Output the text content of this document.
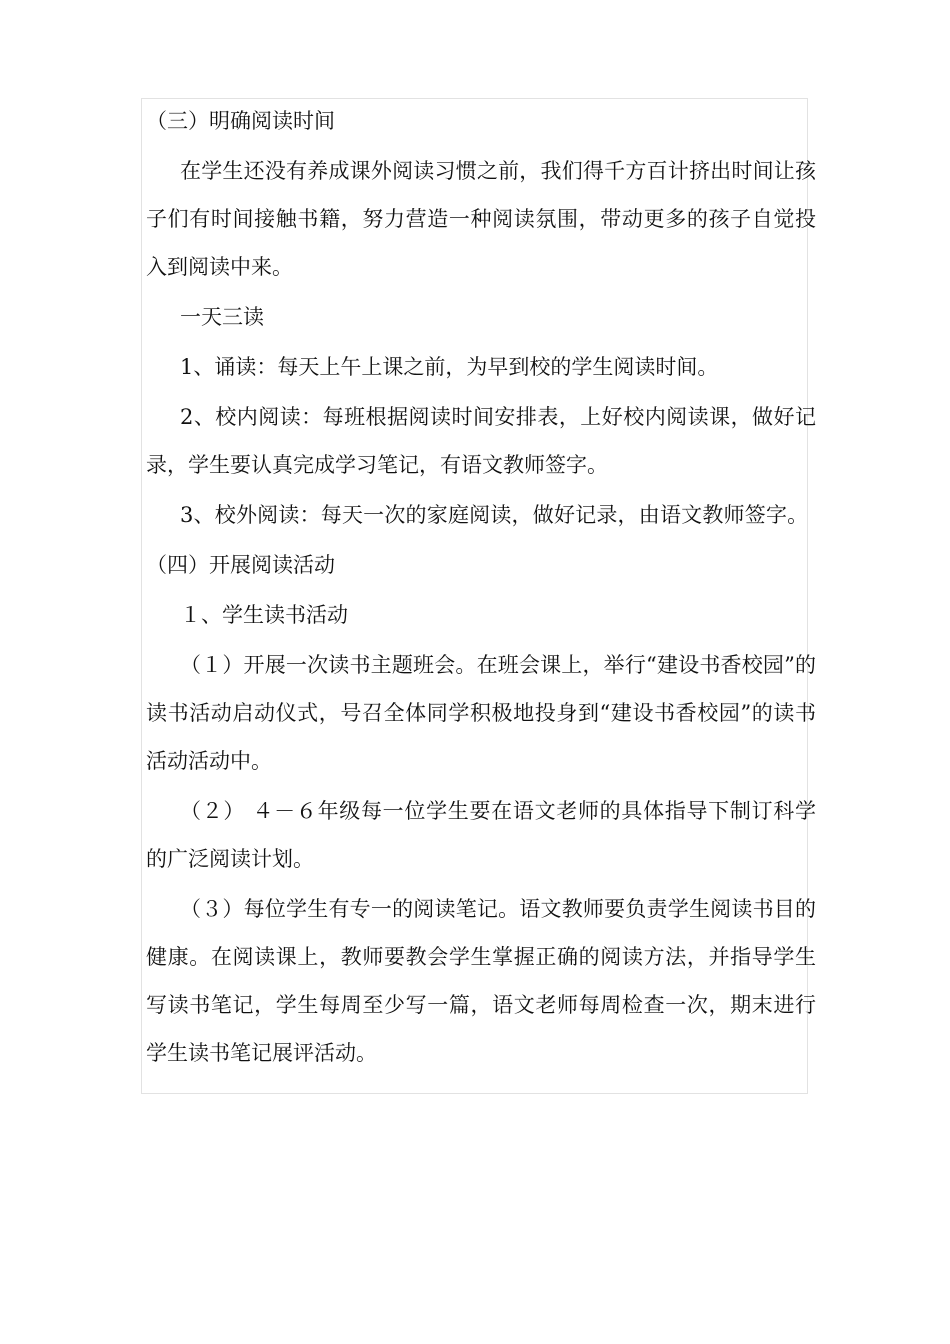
（三）明确阅读时间

在学生还没有养成课外阅读习惯之前，我们得千方百计挤出时间让孩子们有时间接触书籍，努力营造一种阅读氛围，带动更多的孩子自觉投入到阅读中来。

一天三读

1、诵读：每天上午上课之前，为早到校的学生阅读时间。

2、校内阅读：每班根据阅读时间安排表，上好校内阅读课，做好记录，学生要认真完成学习笔记，有语文教师签字。

3、校外阅读：每天一次的家庭阅读，做好记录，由语文教师签字。

（四）开展阅读活动

１、学生读书活动

（１）开展一次读书主题班会。在班会课上，举行“建设书香校园”的读书活动启动仪式，号召全体同学积极地投身到“建设书香校园”的读书活动活动中。

（２） ４－６年级每一位学生要在语文老师的具体指导下制订科学的广泛阅读计划。

（３）每位学生有专一的阅读笔记。语文教师要负责学生阅读书目的健康。在阅读课上，教师要教会学生掌握正确的阅读方法，并指导学生写读书笔记，学生每周至少写一篇，语文老师每周检查一次，期末进行学生读书笔记展评活动。
